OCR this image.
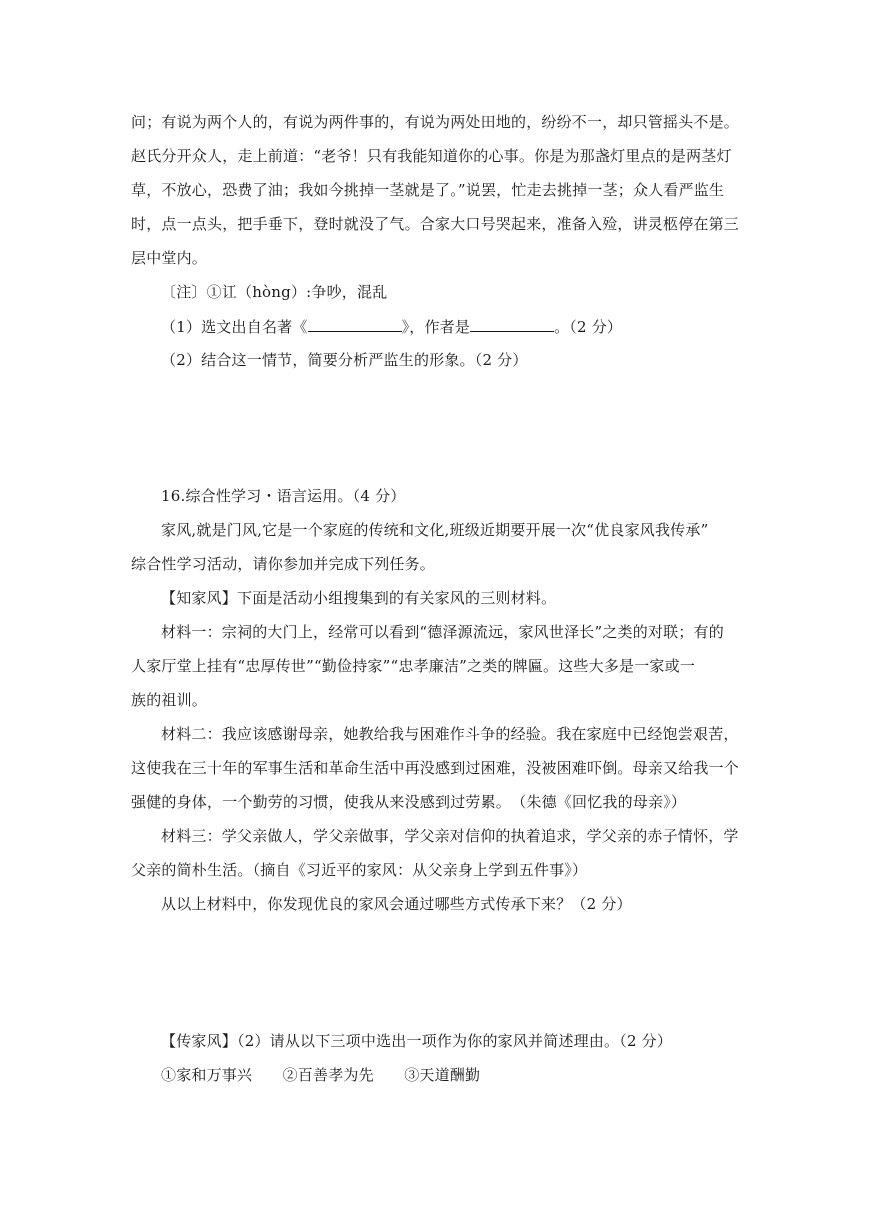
问；有说为两个人的，有说为两件事的，有说为两处田地的，纷纷不一，却只管摇头不是。
赵氏分开众人，走上前道：“老爷！只有我能知道你的心事。你是为那盏灯里点的是两茎灯
草，不放心，恐费了油；我如今挑掉一茎就是了。”说罢，忙走去挑掉一茎；众人看严监生
时，点一点头，把手垂下，登时就没了气。合家大口号哭起来，准备入殓，讲灵柩停在第三
层中堂内。
〔注〕①讧（hòng）:争吵，混乱
（1）选文出自名著《	》，作者是	。（2 分）
（2）结合这一情节，简要分析严监生的形象。（2 分）
16.综合性学习・语言运用。（4 分）
家风,就是门风,它是一个家庭的传统和文化,班级近期要开展一次“优良家风我传承”
综合性学习活动，请你参加并完成下列任务。
【知家风】下面是活动小组搜集到的有关家风的三则材料。
材料一：宗祠的大门上，经常可以看到“德泽源流远，家风世泽长”之类的对联；有的
人家厅堂上挂有“忠厚传世”“勤俭持家”“忠孝廉洁”之类的牌匾。这些大多是一家或一
族的祖训。
材料二：我应该感谢母亲，她教给我与困难作斗争的经验。我在家庭中已经饱尝艰苦，
这使我在三十年的军事生活和革命生活中再没感到过困难，没被困难吓倒。母亲又给我一个
强健的身体，一个勤劳的习惯，使我从来没感到过劳累。　（朱德《回忆我的母亲》）
材料三：学父亲做人，学父亲做事，学父亲对信仰的执着追求，学父亲的赤子情怀，学
父亲的简朴生活。（摘自《习近平的家风：从父亲身上学到五件事》）
从以上材料中，你发现优良的家风会通过哪些方式传承下来？（2 分）
【传家风】（2）请从以下三项中选出一项作为你的家风并简述理由。（2 分）
①家和万事兴　　②百善孝为先　　③天道酬勤
